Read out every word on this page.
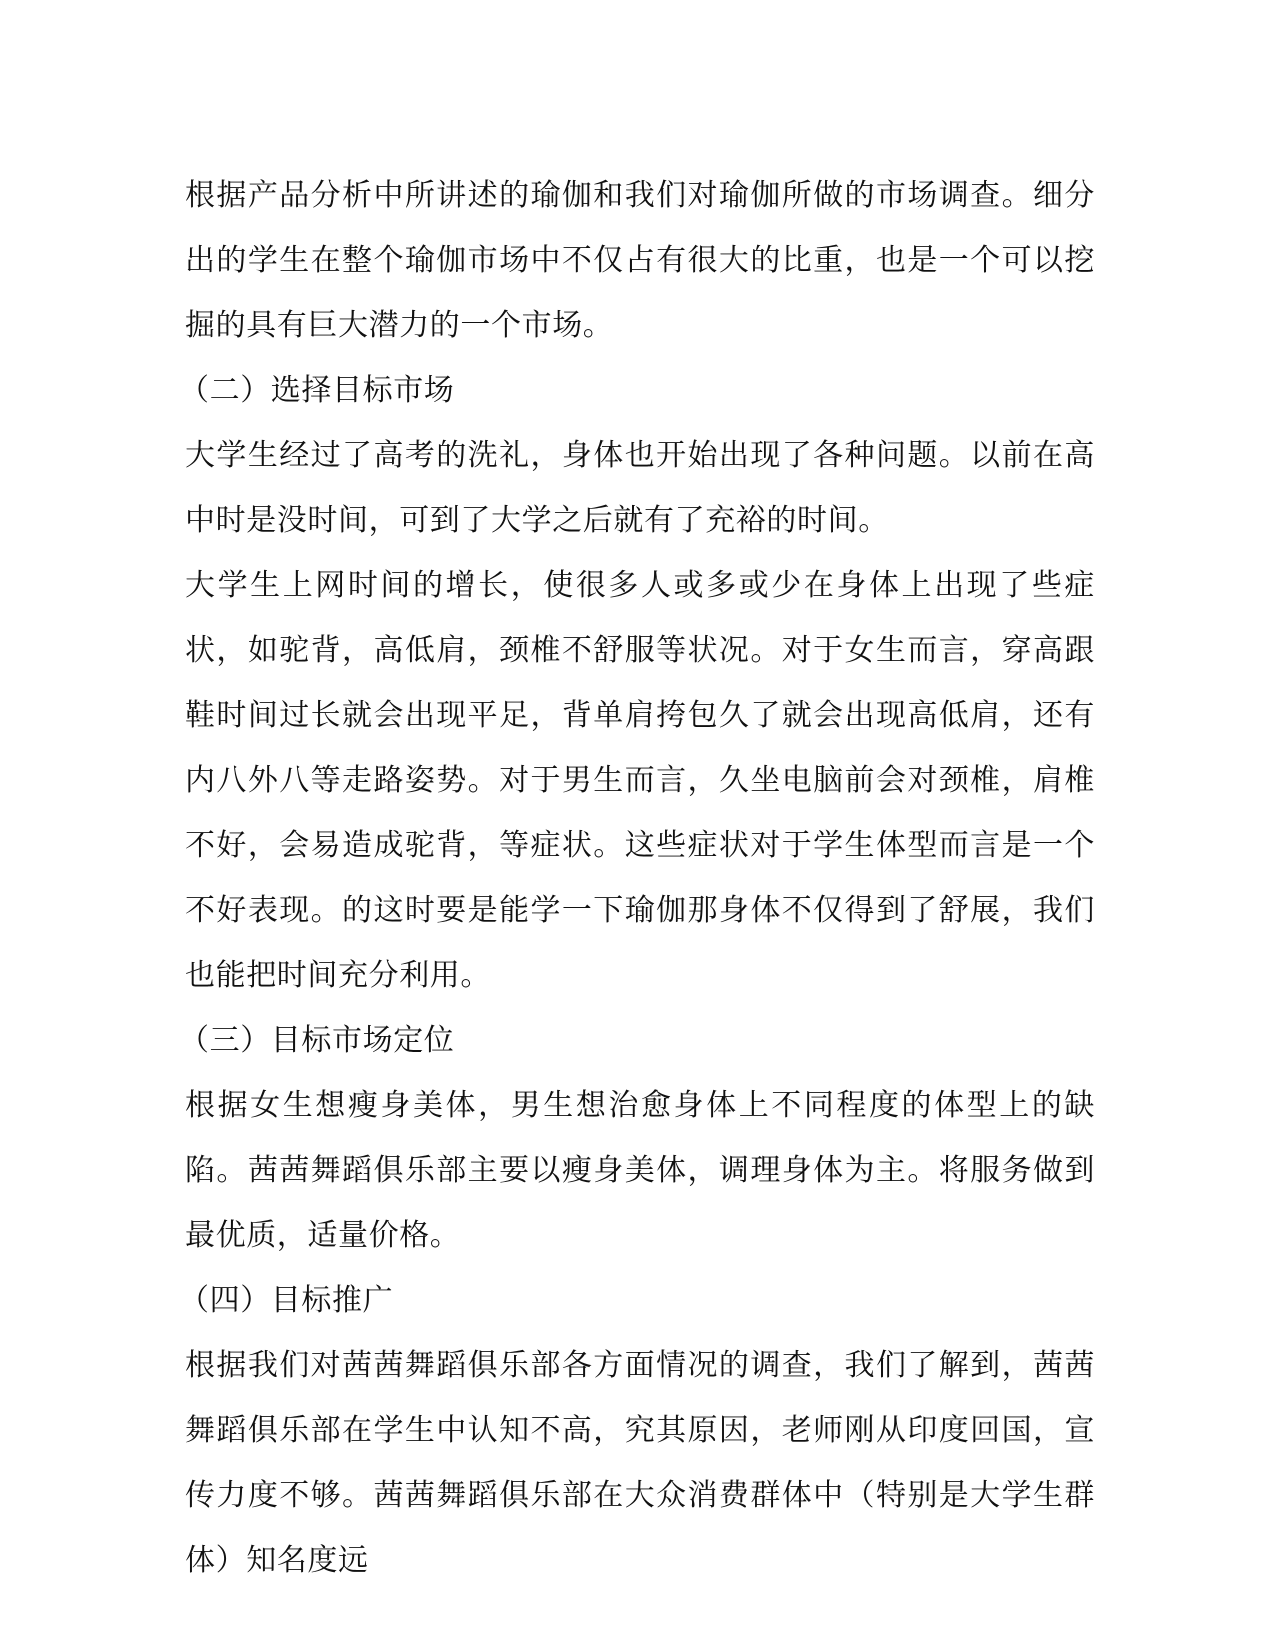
根据产品分析中所讲述的瑜伽和我们对瑜伽所做的市场调查。细分出的学生在整个瑜伽市场中不仅占有很大的比重，也是一个可以挖掘的具有巨大潜力的一个市场。

（二）选择目标市场

大学生经过了高考的洗礼，身体也开始出现了各种问题。以前在高中时是没时间，可到了大学之后就有了充裕的时间。

大学生上网时间的增长，使很多人或多或少在身体上出现了些症状，如驼背，高低肩，颈椎不舒服等状况。对于女生而言，穿高跟鞋时间过长就会出现平足，背单肩挎包久了就会出现高低肩，还有内八外八等走路姿势。对于男生而言，久坐电脑前会对颈椎，肩椎不好，会易造成驼背，等症状。这些症状对于学生体型而言是一个不好表现。的这时要是能学一下瑜伽那身体不仅得到了舒展，我们也能把时间充分利用。

（三）目标市场定位

根据女生想瘦身美体，男生想治愈身体上不同程度的体型上的缺陷。茜茜舞蹈俱乐部主要以瘦身美体，调理身体为主。将服务做到最优质，适量价格。

（四）目标推广

根据我们对茜茜舞蹈俱乐部各方面情况的调查，我们了解到，茜茜舞蹈俱乐部在学生中认知不高，究其原因，老师刚从印度回国，宣传力度不够。茜茜舞蹈俱乐部在大众消费群体中（特别是大学生群体）知名度远
